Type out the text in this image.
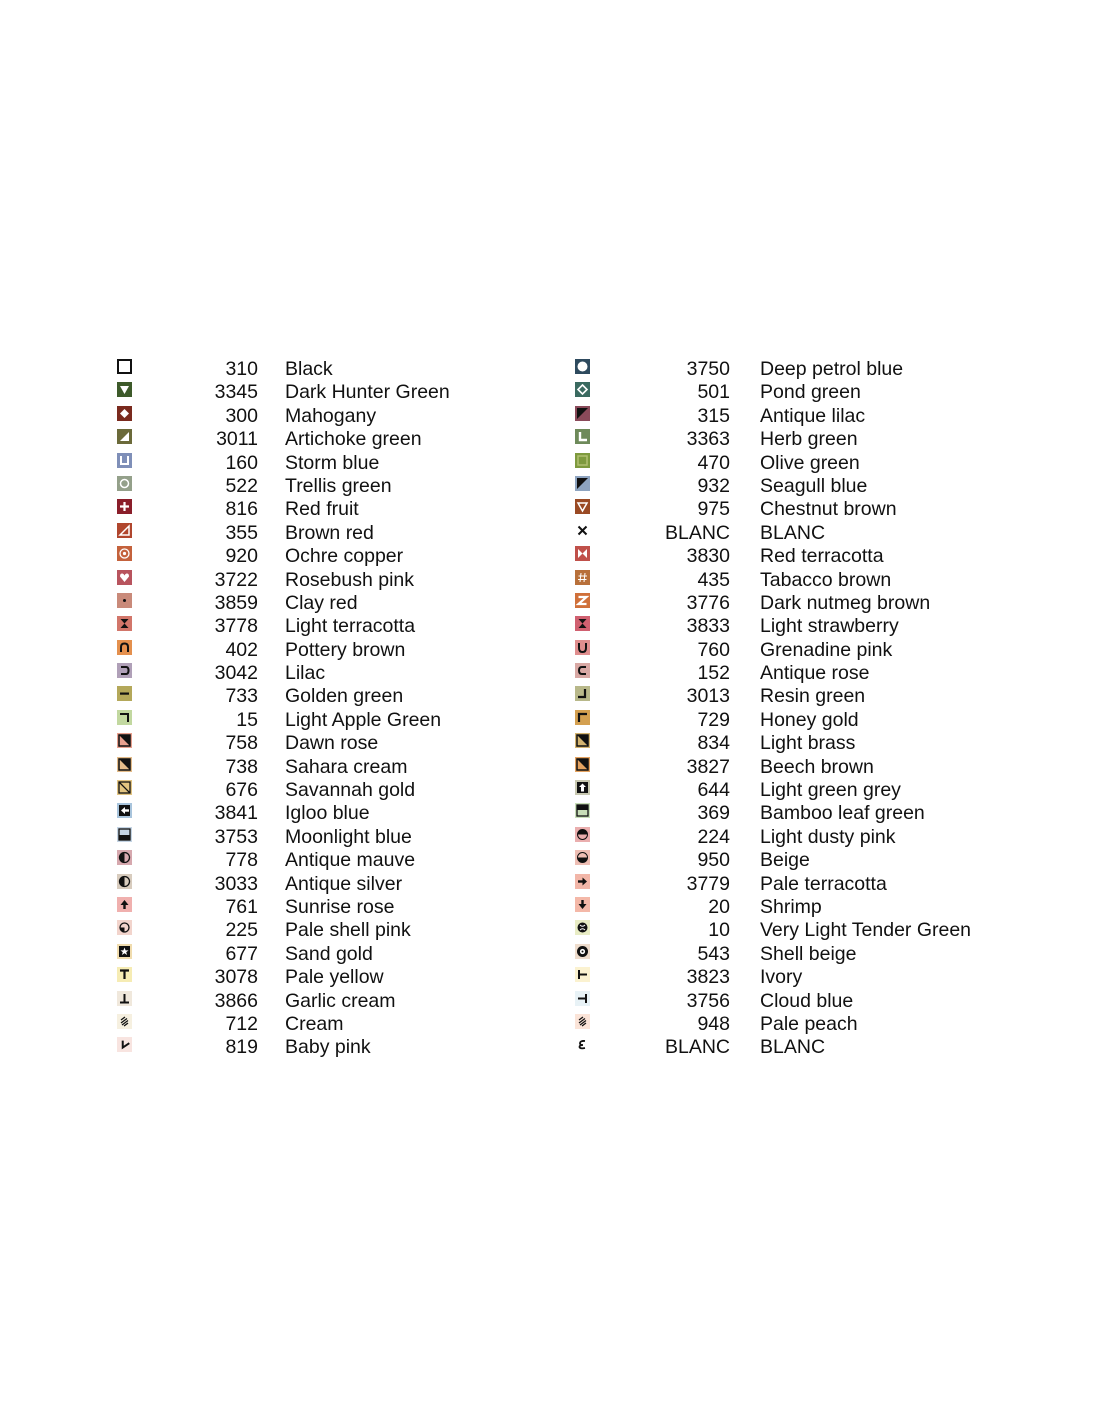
310 Black
3345 Dark Hunter Green
300 Mahogany
3011 Artichoke green
160 Storm blue
522 Trellis green
816 Red fruit
355 Brown red
920 Ochre copper
3722 Rosebush pink
3859 Clay red
3778 Light terracotta
402 Pottery brown
3042 Lilac
733 Golden green
15 Light Apple Green
758 Dawn rose
738 Sahara cream
676 Savannah gold
3841 Igloo blue
3753 Moonlight blue
778 Antique mauve
3033 Antique silver
761 Sunrise rose
225 Pale shell pink
677 Sand gold
3078 Pale yellow
3866 Garlic cream
712 Cream
819 Baby pink
3750 Deep petrol blue
501 Pond green
315 Antique lilac
3363 Herb green
470 Olive green
932 Seagull blue
975 Chestnut brown
BLANC BLANC
3830 Red terracotta
435 Tabacco brown
3776 Dark nutmeg brown
3833 Light strawberry
760 Grenadine pink
152 Antique rose
3013 Resin green
729 Honey gold
834 Light brass
3827 Beech brown
644 Light green grey
369 Bamboo leaf green
224 Light dusty pink
950 Beige
3779 Pale terracotta
20 Shrimp
10 Very Light Tender Green
543 Shell beige
3823 Ivory
3756 Cloud blue
948 Pale peach
BLANC BLANC
